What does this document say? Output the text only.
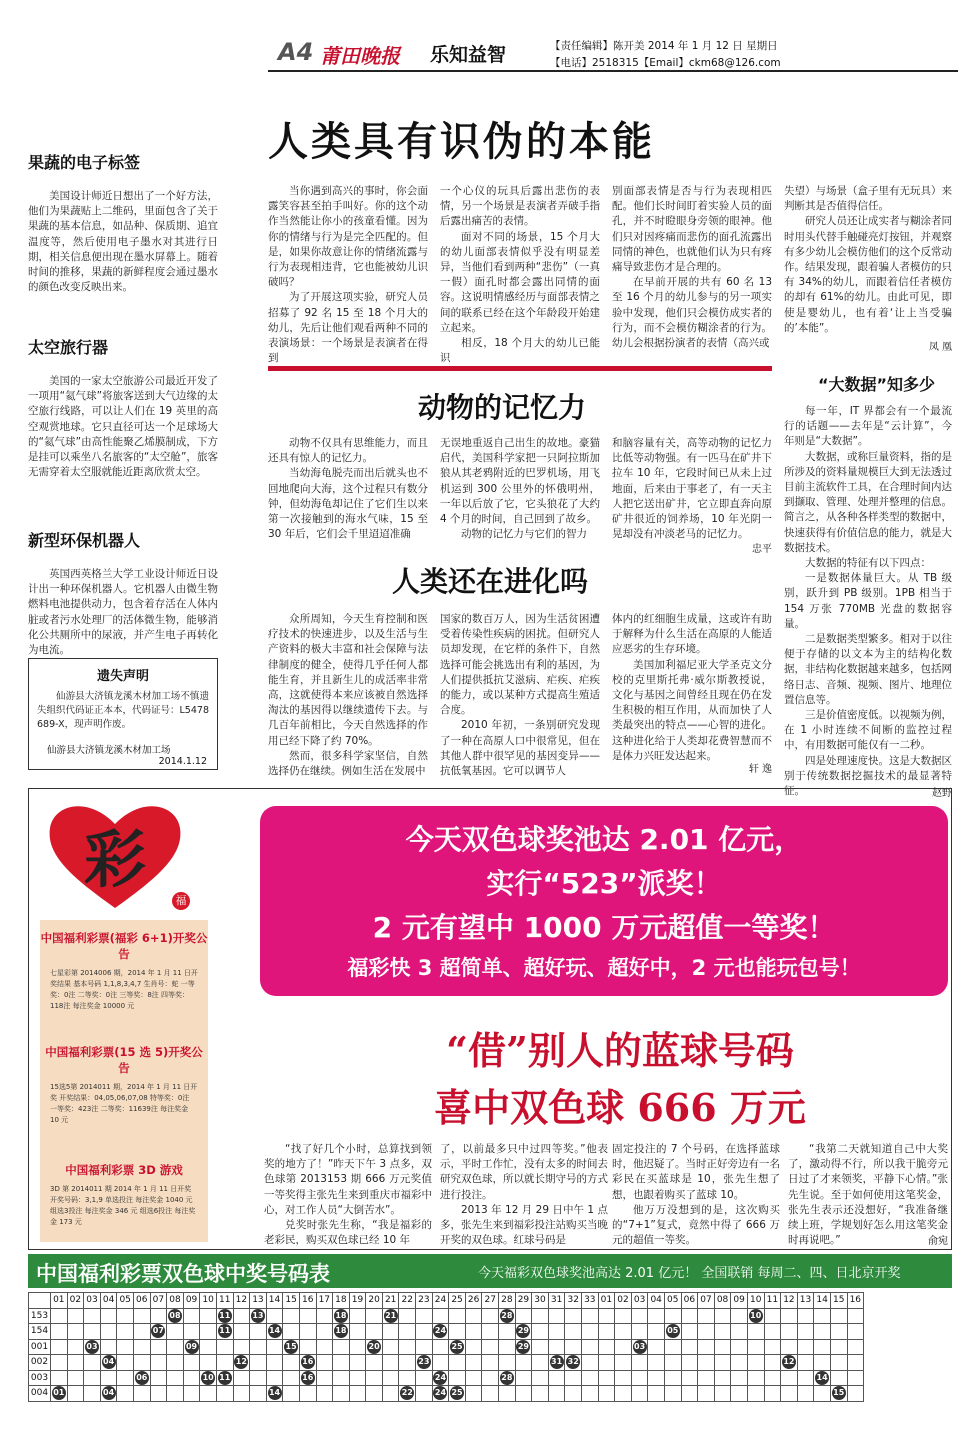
A4 莆田晚报 乐知益智	【责任编辑】陈开美 2014 年 1 月 12 日 星期日
【电话】2518315【Email】ckm68@126.com
果蔬的电子标签
美国设计师近日想出了一个好方法，他们为果蔬贴上二维码，里面包含了关于果蔬的基本信息，如品种、保质期、追宜温度等，然后使用电子墨水对其进行日期，相关信息便出现在墨水屏幕上。随着时间的推移，果蔬的新鲜程度会通过墨水的颜色改变反映出来。
太空旅行器
美国的一家太空旅游公司最近开发了一项用“氦气球”将旅客送到大气边缘的太空旅行线路，可以让人们在 19 英里的高空观赏地球。它只直径可达一个足球场大的“氦气球”由高性能聚乙烯膜制成，下方是挂可以乘坐八名旅客的“太空舱”，旅客无需穿着太空服就能近距离欣赏太空。
新型环保机器人
英国西英格兰大学工业设计师近日设计出一种环保机器人。它机器人由微生物燃料电池提供动力，包含着存活在人体内脏或者污水处理厂的活体微生物，能够消化公共厕所中的尿液，并产生电子再转化为电流。
遗失声明
仙游县大济镇龙溪木材加工场不慎遗失组织代码证正本本，代码证号：L5478689-X，现声明作废。
仙游县大济镇龙溪木材加工场
2014.1.12
人类具有识伪的本能
当你遇到高兴的事时，你会面露笑容甚至拍手叫好。你的这个动作当然能让你小的孩童看懂。因为你的情绪与行为是完全匹配的。但是，如果你故意让你的情绪流露与行为表现相违背，它也能被幼儿识破吗？
为了开展这项实验，研究人员招募了 92 名 15 至 18 个月大的幼儿，先后让他们观看两种不同的表演场景：一个场景是表演者在得到
一个心仪的玩具后露出悲伤的表情，另一个场景是表演者弄破手指后露出痛苦的表情。
面对不同的场景，15 个月大的幼儿面部表情似乎没有明显差异，当他们看到两种“悲伤”（一真一假）面孔时都会露出同情的面容。这说明情感经历与面部表情之间的联系已经在这个年龄段开始建立起来。
相反，18 个月大的幼儿已能识
别面部表情是否与行为表现相匹配。他们长时间盯着实验人员的面孔，并不时瞪眼身旁领的眼神。他们只对因疼痛而悲伤的面孔流露出同情的神色，也就他们认为只有疼痛导致悲伤才是合理的。
在早前开展的共有 60 名 13 至 16 个月的幼儿参与的另一项实验中发现，他们只会模仿成实者的行为，而不会模仿糊涂者的行为。幼儿会根据扮演者的表情（高兴或
失望）与场景（盒子里有无玩具）来判断其是否值得信任。
研究人员还让成实者与糊涂者同时用头代替手触碰亮灯按钮，并观察有多少幼儿会模仿他们的这个反常动作。结果发现，跟着骗人者模仿的只有 34%的幼儿，而跟着信任者模仿的却有 61%的幼儿。由此可见，即使是婴幼儿，也有着‘让上当受骗的’本能”。
凤 凰
动物的记忆力
动物不仅具有思维能力，而且还具有惊人的记忆力。
当幼海龟脱壳而出后就头也不回地爬向大海，这个过程只有数分钟，但幼海龟却记住了它们生以来第一次接触到的海水气味，15 至 30 年后，它们会千里迢迢准确
无误地重返自己出生的故地。豪猫启代，美国科学家把一只阿拉斯加狼从其老鸦附近的巴罗机场，用飞机运到 300 公里外的怀俄明州，一年以后放了它，它头狼花了大约 4 个月的时间，自己回到了故乡。
动物的记忆力与它们的智力
和脑容量有关，高等动物的记忆力比低等动物强。有一匹马在矿井下拉车 10 年，它段时间已从未上过地面，后来由于事老了，有一天主人把它送出矿井，它立即直奔向原矿井很近的饲养场，10 年光阴一晃却没有冲淡老马的记忆力。
忠平
人类还在进化吗
众所周知，今天生育控制和医疗技术的快速进步，以及生活与生产资料的极大丰富和社会保障与法律制度的健全，使得几乎任何人都能生育，并且新生儿的成活率非常高，这就使得本来应该被自然选择淘汰的基因得以继续遗传下去。与几百年前相比，今天自然选择的作用已经下降了约 70%。
然而，很多科学家坚信，自然选择仍在继续。例如生活在发展中
国家的数百万人，因为生活贫困遭受着传染性疾病的困扰。但研究人员却发现，在它样的条件下，自然选择可能会挑选出有利的基因，为人们提供抵抗艾滋病、疟疾、疟疾的能力，或以某种方式提高生殖适合度。
2010 年初，一条别研究发现了一种在高原人口中很常见，但在其他人群中很罕见的基因变异——抗低氧基因。它可以调节人
体内的红细胞生成量，这或许有助于解释为什么生活在高原的人能适应恶劣的生存环境。
美国加利福尼亚大学圣克文分校的克里斯托弗·威尔斯教授说，文化与基因之间曾经且现在仍在发生积极的相互作用，从而加快了人类最突出的特点——心智的进化。这种进化给于人类却花费智慧而不是体力兴旺发达起来。
轩 逸
“大数据”知多少
每一年，IT 界都会有一个最流行的话题——去年是“云计算”，今年则是“大数据”。
大数据，或称巨量资料，指的是所涉及的资料量规模巨大到无法透过目前主流软件工具，在合理时间内达到撷取、管理、处理并整理的信息。简言之，从各种各样类型的数据中，快速获得有价值信息的能力，就是大数据技术。
大数据的特征有以下四点：
一是数据体量巨大。从 TB 级别，跃升到 PB 级别。1PB 相当于 154 万张 770MB 光盘的数据容量。
二是数据类型繁多。相对于以往便于存储的以文本为主的结构化数据，非结构化数据越来越多，包括网络日志、音频、视频、图片、地理位置信息等。
三是价值密度低。以视频为例，在 1 小时连续不间断的监控过程中，有用数据可能仅有一二秒。
四是处理速度快。这是大数据区别于传统数据挖掘技术的最显著特征。	赵野
彩
福
中国福利彩票(福彩 6+1)开奖公告
七星彩第 2014006 期，2014 年 1 月 11 日开奖结果 基本号码 1,1,8,3,4,7 生肖号：蛇 一等奖：0注 二等奖：0注 三等奖：8注 四等奖：118注 每注奖金 10000 元
中国福利彩票(15 选 5)开奖公告
15选5第 2014011 期，2014 年 1 月 11 日开奖 开奖结果：04,05,06,07,08 特等奖：0注 一等奖：423注 二等奖：11639注 每注奖金 10 元
中国福利彩票 3D 游戏
3D 第 2014011 期 2014 年 1 月 11 日开奖 开奖号码：3,1,9 单选投注 每注奖金 1040 元 组选3投注 每注奖金 346 元 组选6投注 每注奖金 173 元
今天双色球奖池达 2.01 亿元，
实行“523”派奖！
2 元有望中 1000 万元超值一等奖！
福彩快 3 超简单、超好玩、超好中，2 元也能玩包号！
“借”别人的蓝球号码
喜中双色球 666 万元
“找了好几个小时，总算找到领奖的地方了！”昨天下午 3 点多，双色球第 2013153 期 666 万元奖值一等奖得主张先生来到重庆市福彩中心，对工作人员“大倒苦水”。
兑奖时张先生称，“我是福彩的老彩民，购买双色球已经 10 年
了，以前最多只中过四等奖。”他表示，平时工作忙，没有太多的时间去研究双色球，所以就长期守号的方式进行投注。
2013 年 12 月 29 日中午 1 点多，张先生来到福彩投注站购买当晚开奖的双色球。红球号码是
固定投注的 7 个号码，在选择蓝球时，他迟疑了。当时正好旁边有一名彩民在买蓝球是 10，张先生想了想，也跟着购买了蓝球 10。
他万万没想到的是，这次购买的“7+1”复式，竟然中得了 666 万元的超值一等奖。
“我第二天就知道自己中大奖了，激动得不行，所以我干脆旁元日过了才来领奖，平静下心情。”张先生说。至于如何使用这笔奖金，张先生表示还没想好，“我准备继续上班，学规划好怎么用这笔奖金时再说吧。”	俞宛
中国福利彩票双色球中奖号码表	今天福彩双色球奖池高达 2.01 亿元！ 全国联销 每周二、四、日北京开奖
	01	02	03	04	05	06	07	08	09	10	11	12	13	14	15	16	17	18	19	20	21	22	23	24	25	26	27	28	29	30	31	32	33	01	02	03	04	05	06	07	08	09	10	11	12	13	14	15	16
153								08			11		13					18			21							28															10						
154							07				11			14				18						24					29									05											
001			03						09						15					20					25				29							03													
002				04								12				16							23								31	32													12				
003						06				10	11					16								24				28																			14		
004	01			04										14								22		24	25																							15	
